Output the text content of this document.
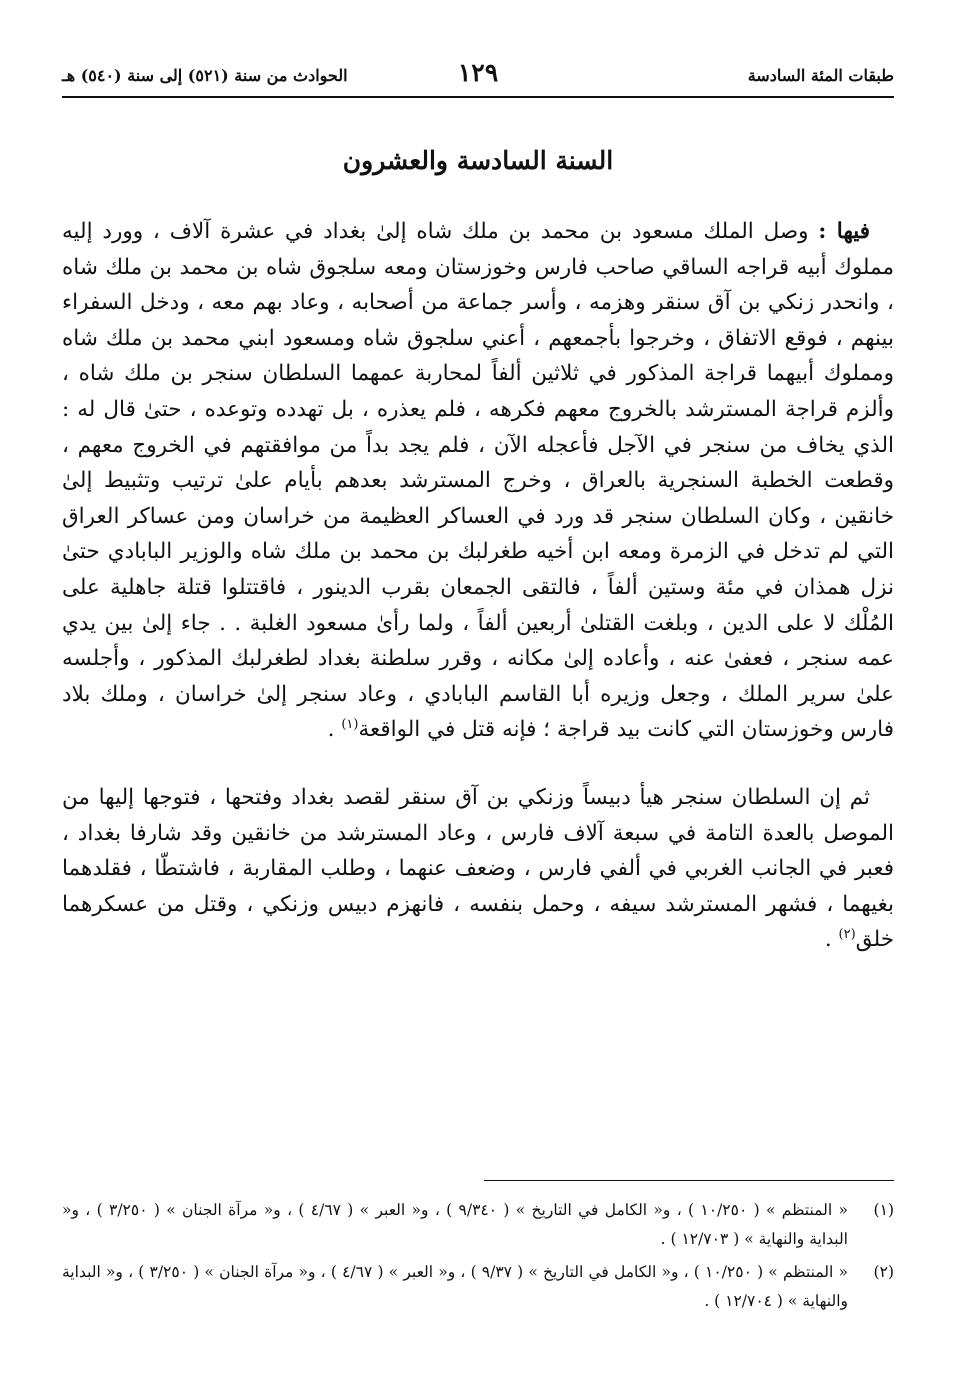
طبقات المئة السادسة
١٢٩
الحوادث من سنة (٥٢١) إلى سنة (٥٤٠) هـ
السنة السادسة والعشرون

فيها : وصل الملك مسعود بن محمد بن ملك شاه إلىٰ بغداد في عشرة آلاف ، وورد إليه مملوك أبيه قراجه الساقي صاحب فارس وخوزستان ومعه سلجوق شاه بن محمد بن ملك شاه ، وانحدر زنكي بن آق سنقر وهزمه ، وأسر جماعة من أصحابه ، وعاد بهم معه ، ودخل السفراء بينهم ، فوقع الاتفاق ، وخرجوا بأجمعهم ، أعني سلجوق شاه ومسعود ابني محمد بن ملك شاه ومملوك أبيهما قراجة المذكور في ثلاثين ألفاً لمحاربة عمهما السلطان سنجر بن ملك شاه ، وألزم قراجة المسترشد بالخروج معهم فكرهه ، فلم يعذره ، بل تهدده وتوعده ، حتىٰ قال له : الذي يخاف من سنجر في الآجل فأعجله الآن ، فلم يجد بداً من موافقتهم في الخروج معهم ، وقطعت الخطبة السنجرية بالعراق ، وخرج المسترشد بعدهم بأيام علىٰ ترتيب وتثبيط إلىٰ خانقين ، وكان السلطان سنجر قد ورد في العساكر العظيمة من خراسان ومن عساكر العراق التي لم تدخل في الزمرة ومعه ابن أخيه طغرلبك بن محمد بن ملك شاه والوزير البابادي حتىٰ نزل همذان في مئة وستين ألفاً ، فالتقى الجمعان بقرب الدينور ، فاقتتلوا قتلة جاهلية على المُلْك لا على الدين ، وبلغت القتلىٰ أربعين ألفاً ، ولما رأىٰ مسعود الغلبة . . جاء إلىٰ بين يدي عمه سنجر ، فعفىٰ عنه ، وأعاده إلىٰ مكانه ، وقرر سلطنة بغداد لطغرلبك المذكور ، وأجلسه علىٰ سرير الملك ، وجعل وزيره أبا القاسم البابادي ، وعاد سنجر إلىٰ خراسان ، وملك بلاد فارس وخوزستان التي كانت بيد قراجة ؛ فإنه قتل في الواقعة$^{(١)}$ .

ثم إن السلطان سنجر هيأ دبيساً وزنكي بن آق سنقر لقصد بغداد وفتحها ، فتوجها إليها من الموصل بالعدة التامة في سبعة آلاف فارس ، وعاد المسترشد من خانقين وقد شارفا بغداد ، فعبر في الجانب الغربي في ألفي فارس ، وضعف عنهما ، وطلب المقاربة ، فاشتطّا ، فقلدهما بغيهما ، فشهر المسترشد سيفه ، وحمل بنفسه ، فانهزم دبيس وزنكي ، وقتل من عسكرهما خلق$^{(٢)}$ .

(١)
« المنتظم » ( ١٠/٢٥٠ ) ، و« الكامل في التاريخ » ( ٩/٣٤٠ ) ، و« العبر » ( ٤/٦٧ ) ، و« مرآة الجنان » ( ٣/٢٥٠ ) ، و« البداية والنهاية » ( ١٢/٧٠٣ ) .

(٢)
« المنتظم » ( ١٠/٢٥٠ ) ، و« الكامل في التاريخ » ( ٩/٣٧ ) ، و« العبر » ( ٤/٦٧ ) ، و« مرآة الجنان » ( ٣/٢٥٠ ) ، و« البداية والنهاية » ( ١٢/٧٠٤ ) .
